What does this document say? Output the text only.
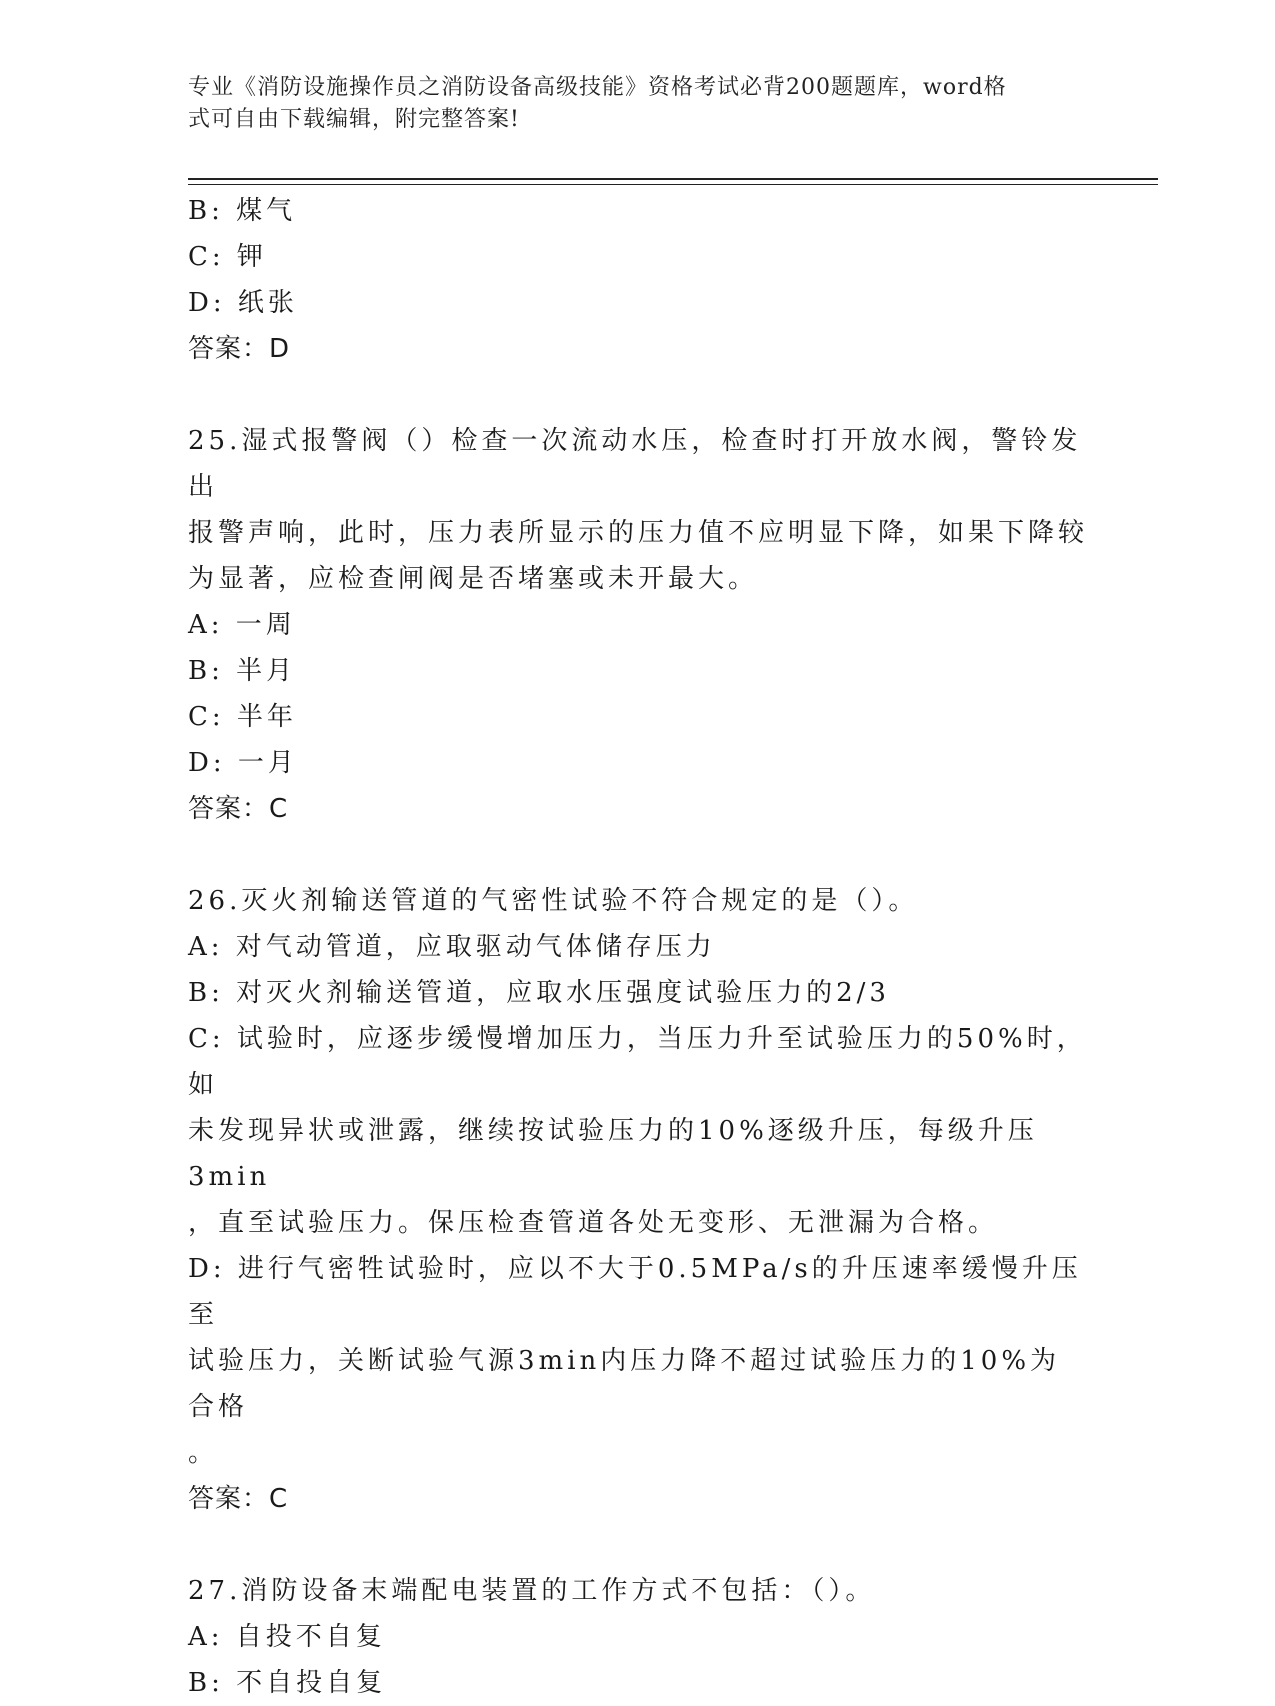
专业《消防设施操作员之消防设备高级技能》资格考试必背200题题库，word格
式可自由下载编辑，附完整答案!
B: 煤气
C: 钾
D: 纸张
答案：D
25.湿式报警阀（）检查一次流动水压，检查时打开放水阀，警铃发出
报警声响，此时，压力表所显示的压力值不应明显下降，如果下降较
为显著，应检查闸阀是否堵塞或未开最大。
A: 一周
B: 半月
C: 半年
D: 一月
答案：C
26.灭火剂输送管道的气密性试验不符合规定的是（）。
A: 对气动管道，应取驱动气体储存压力
B: 对灭火剂输送管道，应取水压强度试验压力的2/3
C: 试验时，应逐步缓慢增加压力，当压力升至试验压力的50%时，如
未发现异状或泄露，继续按试验压力的10%逐级升压，每级升压3min
，直至试验压力。保压检查管道各处无变形、无泄漏为合格。
D: 进行气密牲试验时，应以不大于0.5MPa/s的升压速率缓慢升压至
试验压力，关断试验气源3min内压力降不超过试验压力的10%为合格
。
答案：C
27.消防设备末端配电装置的工作方式不包括：（）。
A: 自投不自复
B: 不自投自复
